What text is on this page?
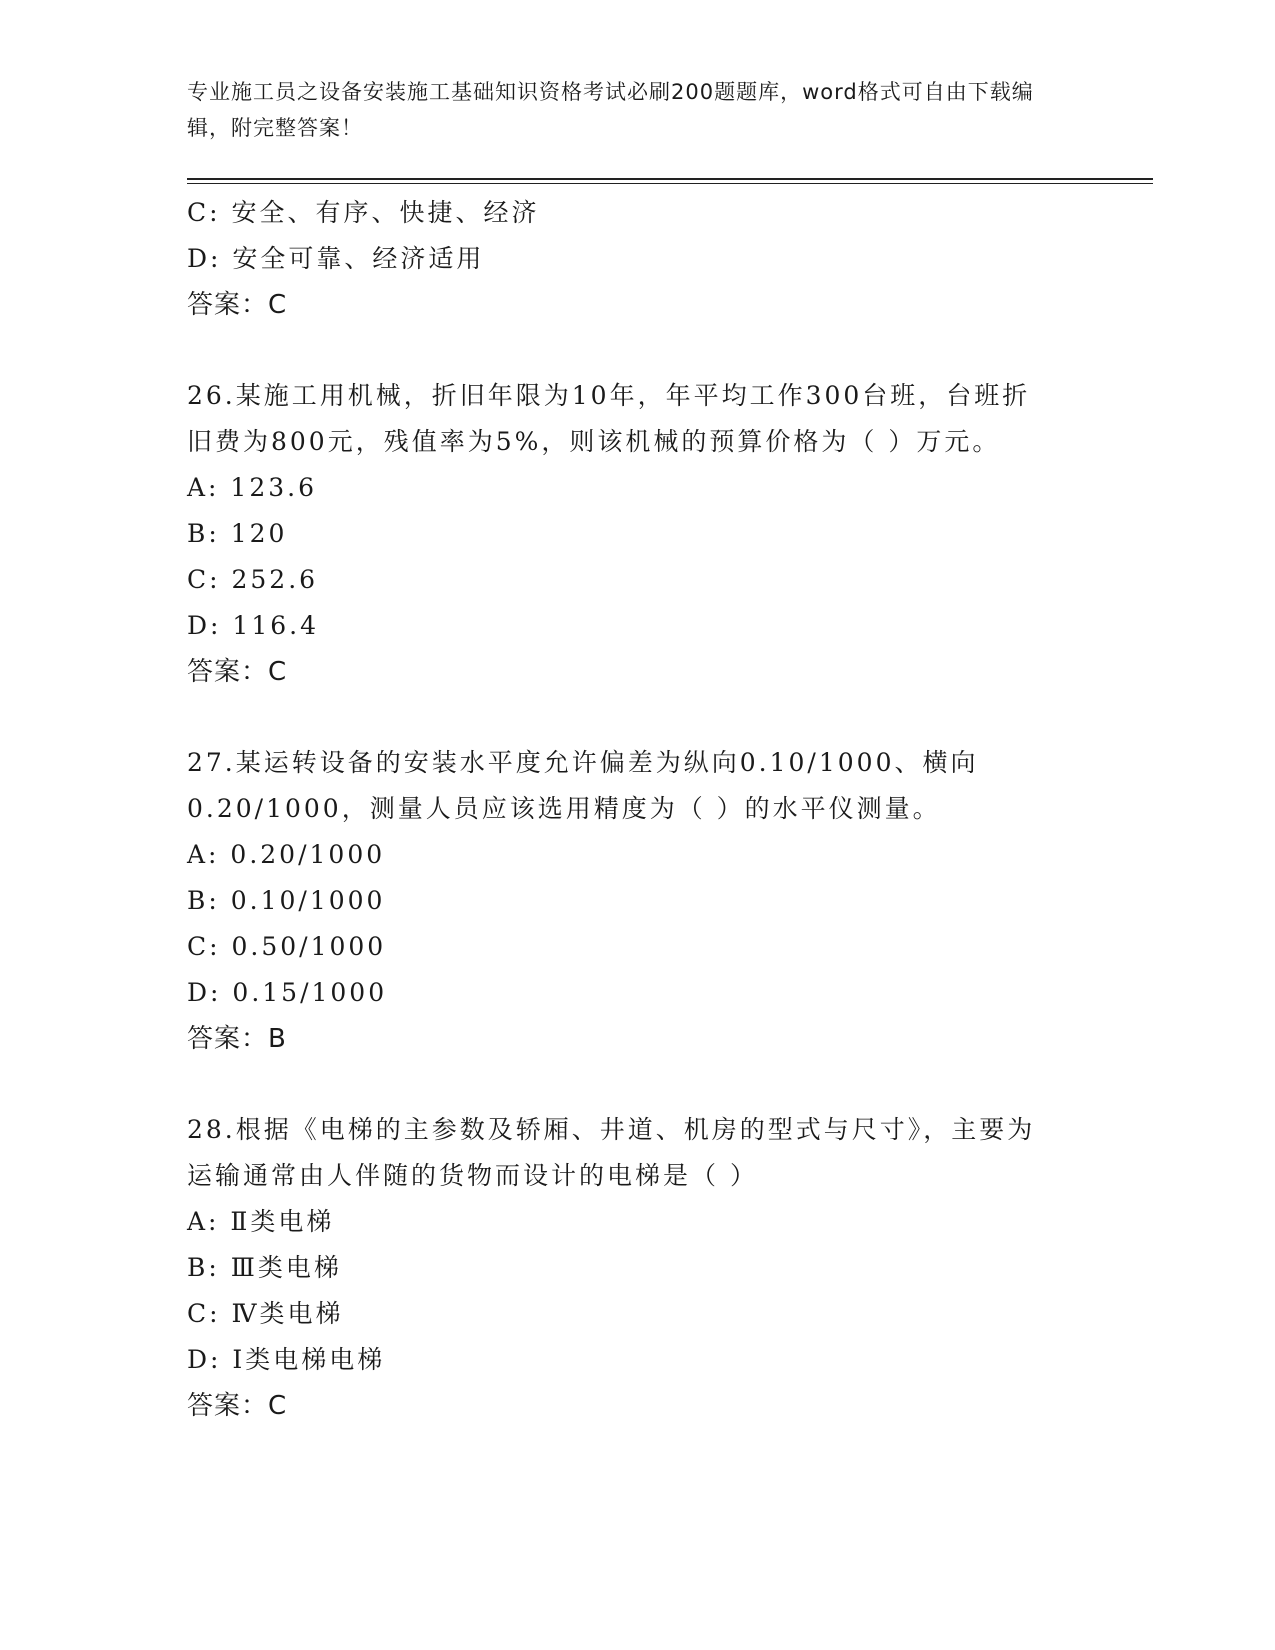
专业施工员之设备安装施工基础知识资格考试必刷200题题库，word格式可自由下载编辑，附完整答案！
C: 安全、有序、快捷、经济
D: 安全可靠、经济适用
答案：C
26.某施工用机械，折旧年限为10年，年平均工作300台班，台班折
旧费为800元，残值率为5%，则该机械的预算价格为（ ）万元。
A: 123.6
B: 120
C: 252.6
D: 116.4
答案：C
27.某运转设备的安装水平度允许偏差为纵向0.10/1000、横向
0.20/1000，测量人员应该选用精度为（ ）的水平仪测量。
A: 0.20/1000
B: 0.10/1000
C: 0.50/1000
D: 0.15/1000
答案：B
28.根据《电梯的主参数及轿厢、井道、机房的型式与尺寸》，主要为
运输通常由人伴随的货物而设计的电梯是（ ）
A: Ⅱ类电梯
B: Ⅲ类电梯
C: Ⅳ类电梯
D: Ⅰ类电梯电梯
答案：C
